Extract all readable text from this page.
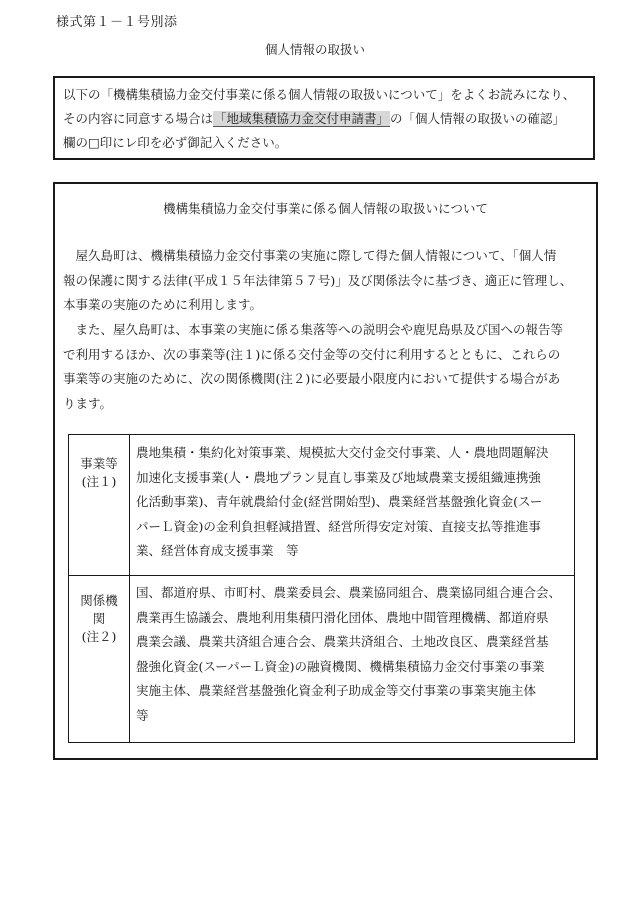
様式第１－１号別添
個人情報の取扱い
以下の「機構集積協力金交付事業に係る個人情報の取扱いについて」をよくお読みになり、
その内容に同意する場合は「地域集積協力金交付申請書」の「個人情報の取扱いの確認」
欄の□印にレ印を必ず御記入ください。
機構集積協力金交付事業に係る個人情報の取扱いについて
　屋久島町は、機構集積協力金交付事業の実施に際して得た個人情報について、「個人情
報の保護に関する法律(平成１５年法律第５７号)」及び関係法令に基づき、適正に管理し、
本事業の実施のために利用します。
　また、屋久島町は、本事業の実施に係る集落等への説明会や鹿児島県及び国への報告等
で利用するほか、次の事業等(注１)に係る交付金等の交付に利用するとともに、これらの
事業等の実施のために、次の関係機関(注２)に必要最小限度内において提供する場合があ
ります。
事業等
(注１)
農地集積・集約化対策事業、規模拡大交付金交付事業、人・農地問題解決
加速化支援事業(人・農地プラン見直し事業及び地域農業支援組織連携強
化活動事業)、青年就農給付金(経営開始型)、農業経営基盤強化資金(スー
パーＬ資金)の金利負担軽減措置、経営所得安定対策、直接支払等推進事
業、経営体育成支援事業　等
関係機
関
(注２)
国、都道府県、市町村、農業委員会、農業協同組合、農業協同組合連合会、
農業再生協議会、農地利用集積円滑化団体、農地中間管理機構、都道府県
農業会議、農業共済組合連合会、農業共済組合、土地改良区、農業経営基
盤強化資金(スーパーＬ資金)の融資機関、機構集積協力金交付事業の事業
実施主体、農業経営基盤強化資金利子助成金等交付事業の事業実施主体
等
